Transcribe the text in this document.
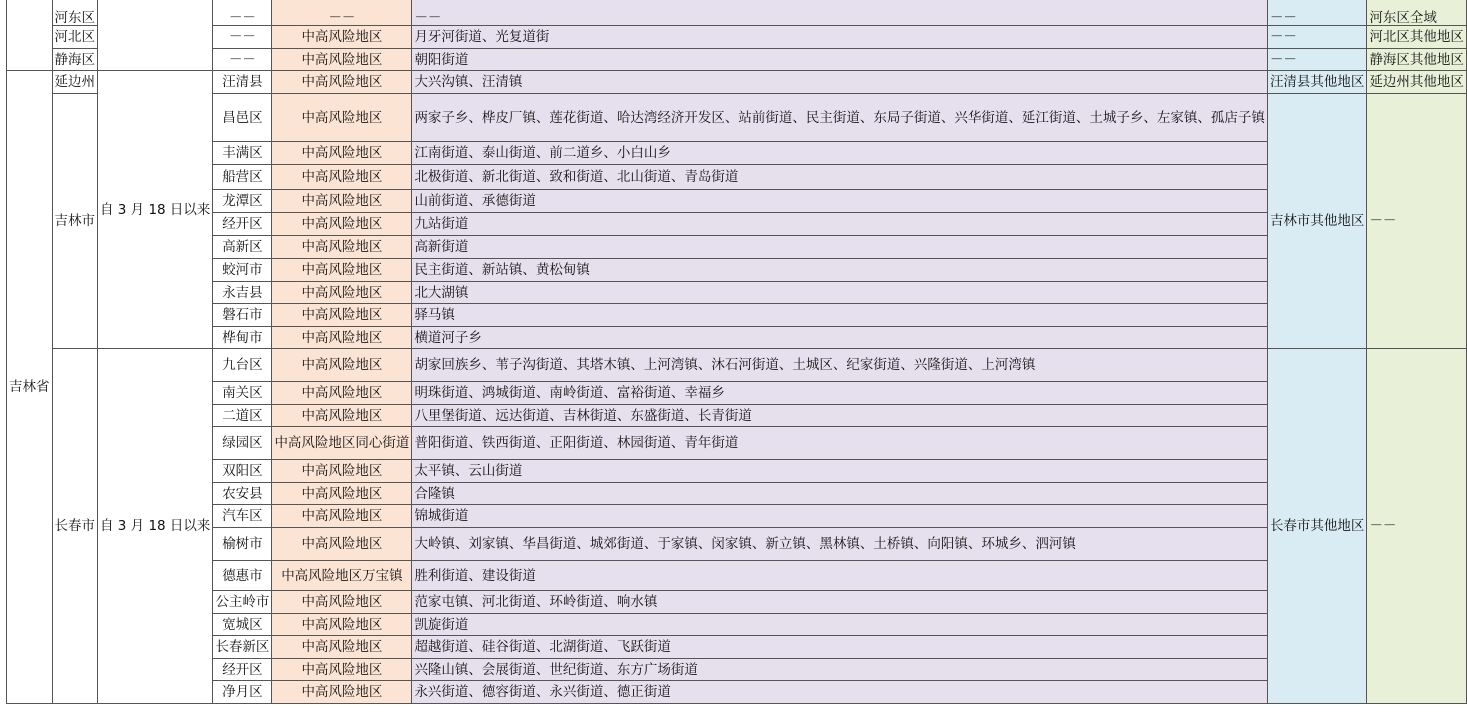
	河东区		－－	－－	－－	－－	河东区全域
	河北区		－－	中高风险地区	月牙河街道、光复道街	－－	河北区其他地区
	静海区		－－	中高风险地区	朝阳街道	－－	静海区其他地区
吉林省	延边州	自 3 月 18 日以来	汪清县	中高风险地区	大兴沟镇、汪清镇	汪清县其他地区	延边州其他地区
	吉林市		昌邑区	中高风险地区	两家子乡、桦皮厂镇、莲花街道、哈达湾经济开发区、站前街道、民主街道、东局子街道、兴华街道、延江街道、土城子乡、左家镇、孤店子镇	吉林市其他地区	－－
			丰满区	中高风险地区	江南街道、泰山街道、前二道乡、小白山乡		
			船营区	中高风险地区	北极街道、新北街道、致和街道、北山街道、青岛街道		
			龙潭区	中高风险地区	山前街道、承德街道		
			经开区	中高风险地区	九站街道		
			高新区	中高风险地区	高新街道		
			蛟河市	中高风险地区	民主街道、新站镇、黄松甸镇		
			永吉县	中高风险地区	北大湖镇		
			磐石市	中高风险地区	驿马镇		
			桦甸市	中高风险地区	横道河子乡		
	长春市	自 3 月 18 日以来	九台区	中高风险地区	胡家回族乡、苇子沟街道、其塔木镇、上河湾镇、沐石河街道、土城区、纪家街道、兴隆街道、上河湾镇	长春市其他地区	－－
			南关区	中高风险地区	明珠街道、鸿城街道、南岭街道、富裕街道、幸福乡		
			二道区	中高风险地区	八里堡街道、远达街道、吉林街道、东盛街道、长青街道		
			绿园区	中高风险地区同心街道	普阳街道、铁西街道、正阳街道、林园街道、青年街道		
			双阳区	中高风险地区	太平镇、云山街道		
			农安县	中高风险地区	合隆镇		
			汽车区	中高风险地区	锦城街道		
			榆树市	中高风险地区	大岭镇、刘家镇、华昌街道、城郊街道、于家镇、闵家镇、新立镇、黑林镇、土桥镇、向阳镇、环城乡、泗河镇		
			德惠市	中高风险地区万宝镇	胜利街道、建设街道		
			公主岭市	中高风险地区	范家屯镇、河北街道、环岭街道、响水镇		
			宽城区	中高风险地区	凯旋街道		
			长春新区	中高风险地区	超越街道、硅谷街道、北湖街道、飞跃街道		
			经开区	中高风险地区	兴隆山镇、会展街道、世纪街道、东方广场街道		
			净月区	中高风险地区	永兴街道、德容街道、永兴街道、德正街道		
